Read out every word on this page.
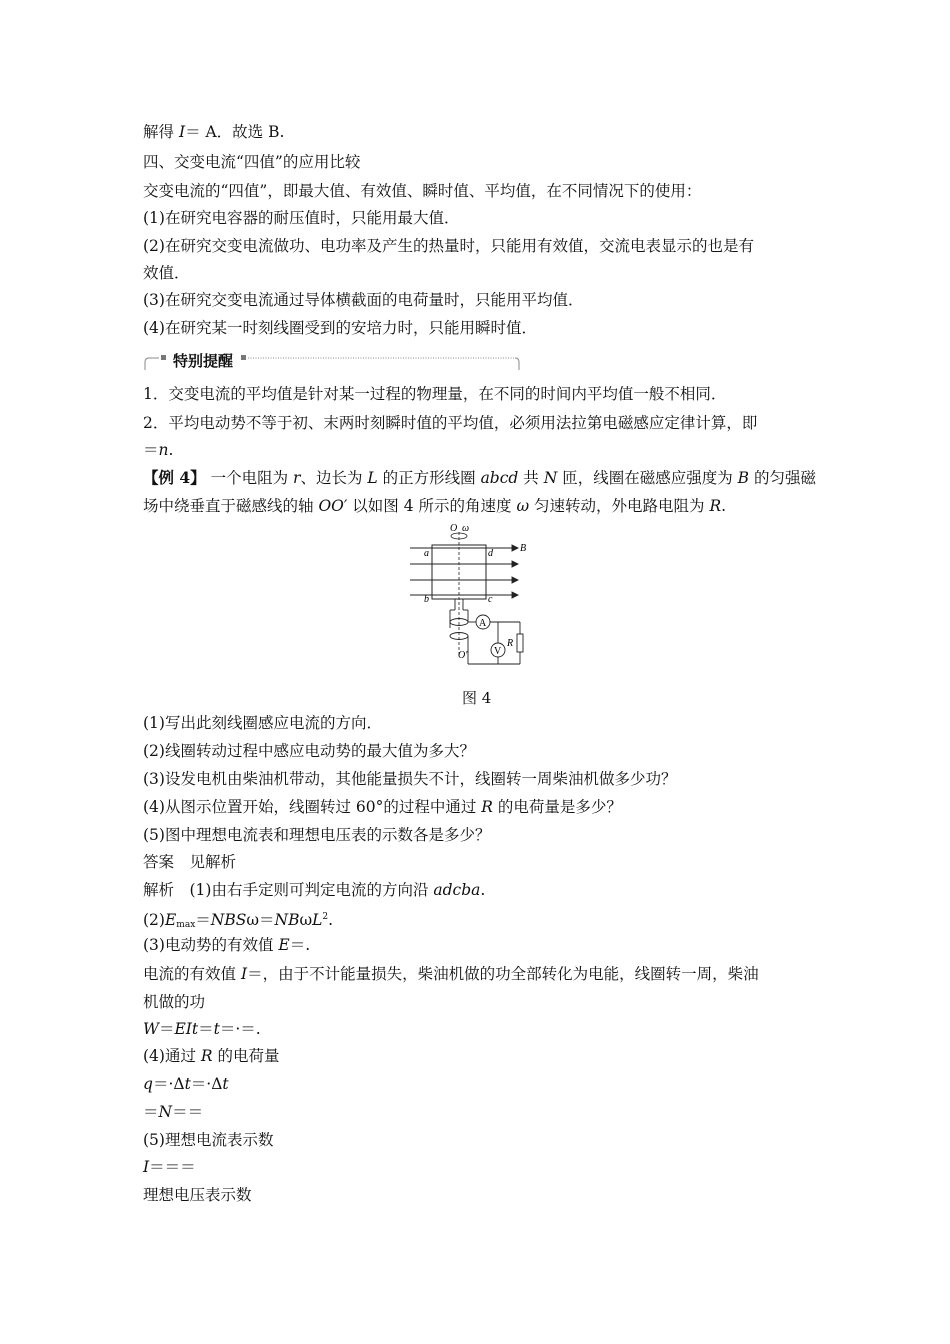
解得 I＝ A．故选 B.
四、交变电流“四值”的应用比较
交变电流的“四值”，即最大值、有效值、瞬时值、平均值，在不同情况下的使用：
(1)在研究电容器的耐压值时，只能用最大值．
(2)在研究交变电流做功、电功率及产生的热量时，只能用有效值，交流电表显示的也是有
效值．
(3)在研究交变电流通过导体横截面的电荷量时，只能用平均值．
(4)在研究某一时刻线圈受到的安培力时，只能用瞬时值．
特别提醒
1．交变电流的平均值是针对某一过程的物理量，在不同的时间内平均值一般不相同．
2．平均电动势不等于初、末两时刻瞬时值的平均值，必须用法拉第电磁感应定律计算，即
＝n.
【例 4】 一个电阻为 r、边长为 L 的正方形线圈 abcd 共 N 匝，线圈在磁感应强度为 B 的匀强磁
场中绕垂直于磁感线的轴 OO′ 以如图 4 所示的角速度 ω 匀速转动，外电路电阻为 R.
O ω
B
a	d
b	c
A
V
R
O′
图 4
(1)写出此刻线圈感应电流的方向．
(2)线圈转动过程中感应电动势的最大值为多大？
(3)设发电机由柴油机带动，其他能量损失不计，线圈转一周柴油机做多少功？
(4)从图示位置开始，线圈转过 60°的过程中通过 R 的电荷量是多少？
(5)图中理想电流表和理想电压表的示数各是多少？
答案　见解析
解析　(1)由右手定则可判定电流的方向沿 adcba.
$(2)E_{max}=NBS\omega=NB\omega L^2$.
(3)电动势的有效值 E＝.
电流的有效值 I＝，由于不计能量损失，柴油机做的功全部转化为电能，线圈转一周，柴油
机做的功
W＝EIt＝t＝·＝.
(4)通过 R 的电荷量
q＝·Δt＝·Δt
＝N＝＝
(5)理想电流表示数
I＝＝＝
理想电压表示数
